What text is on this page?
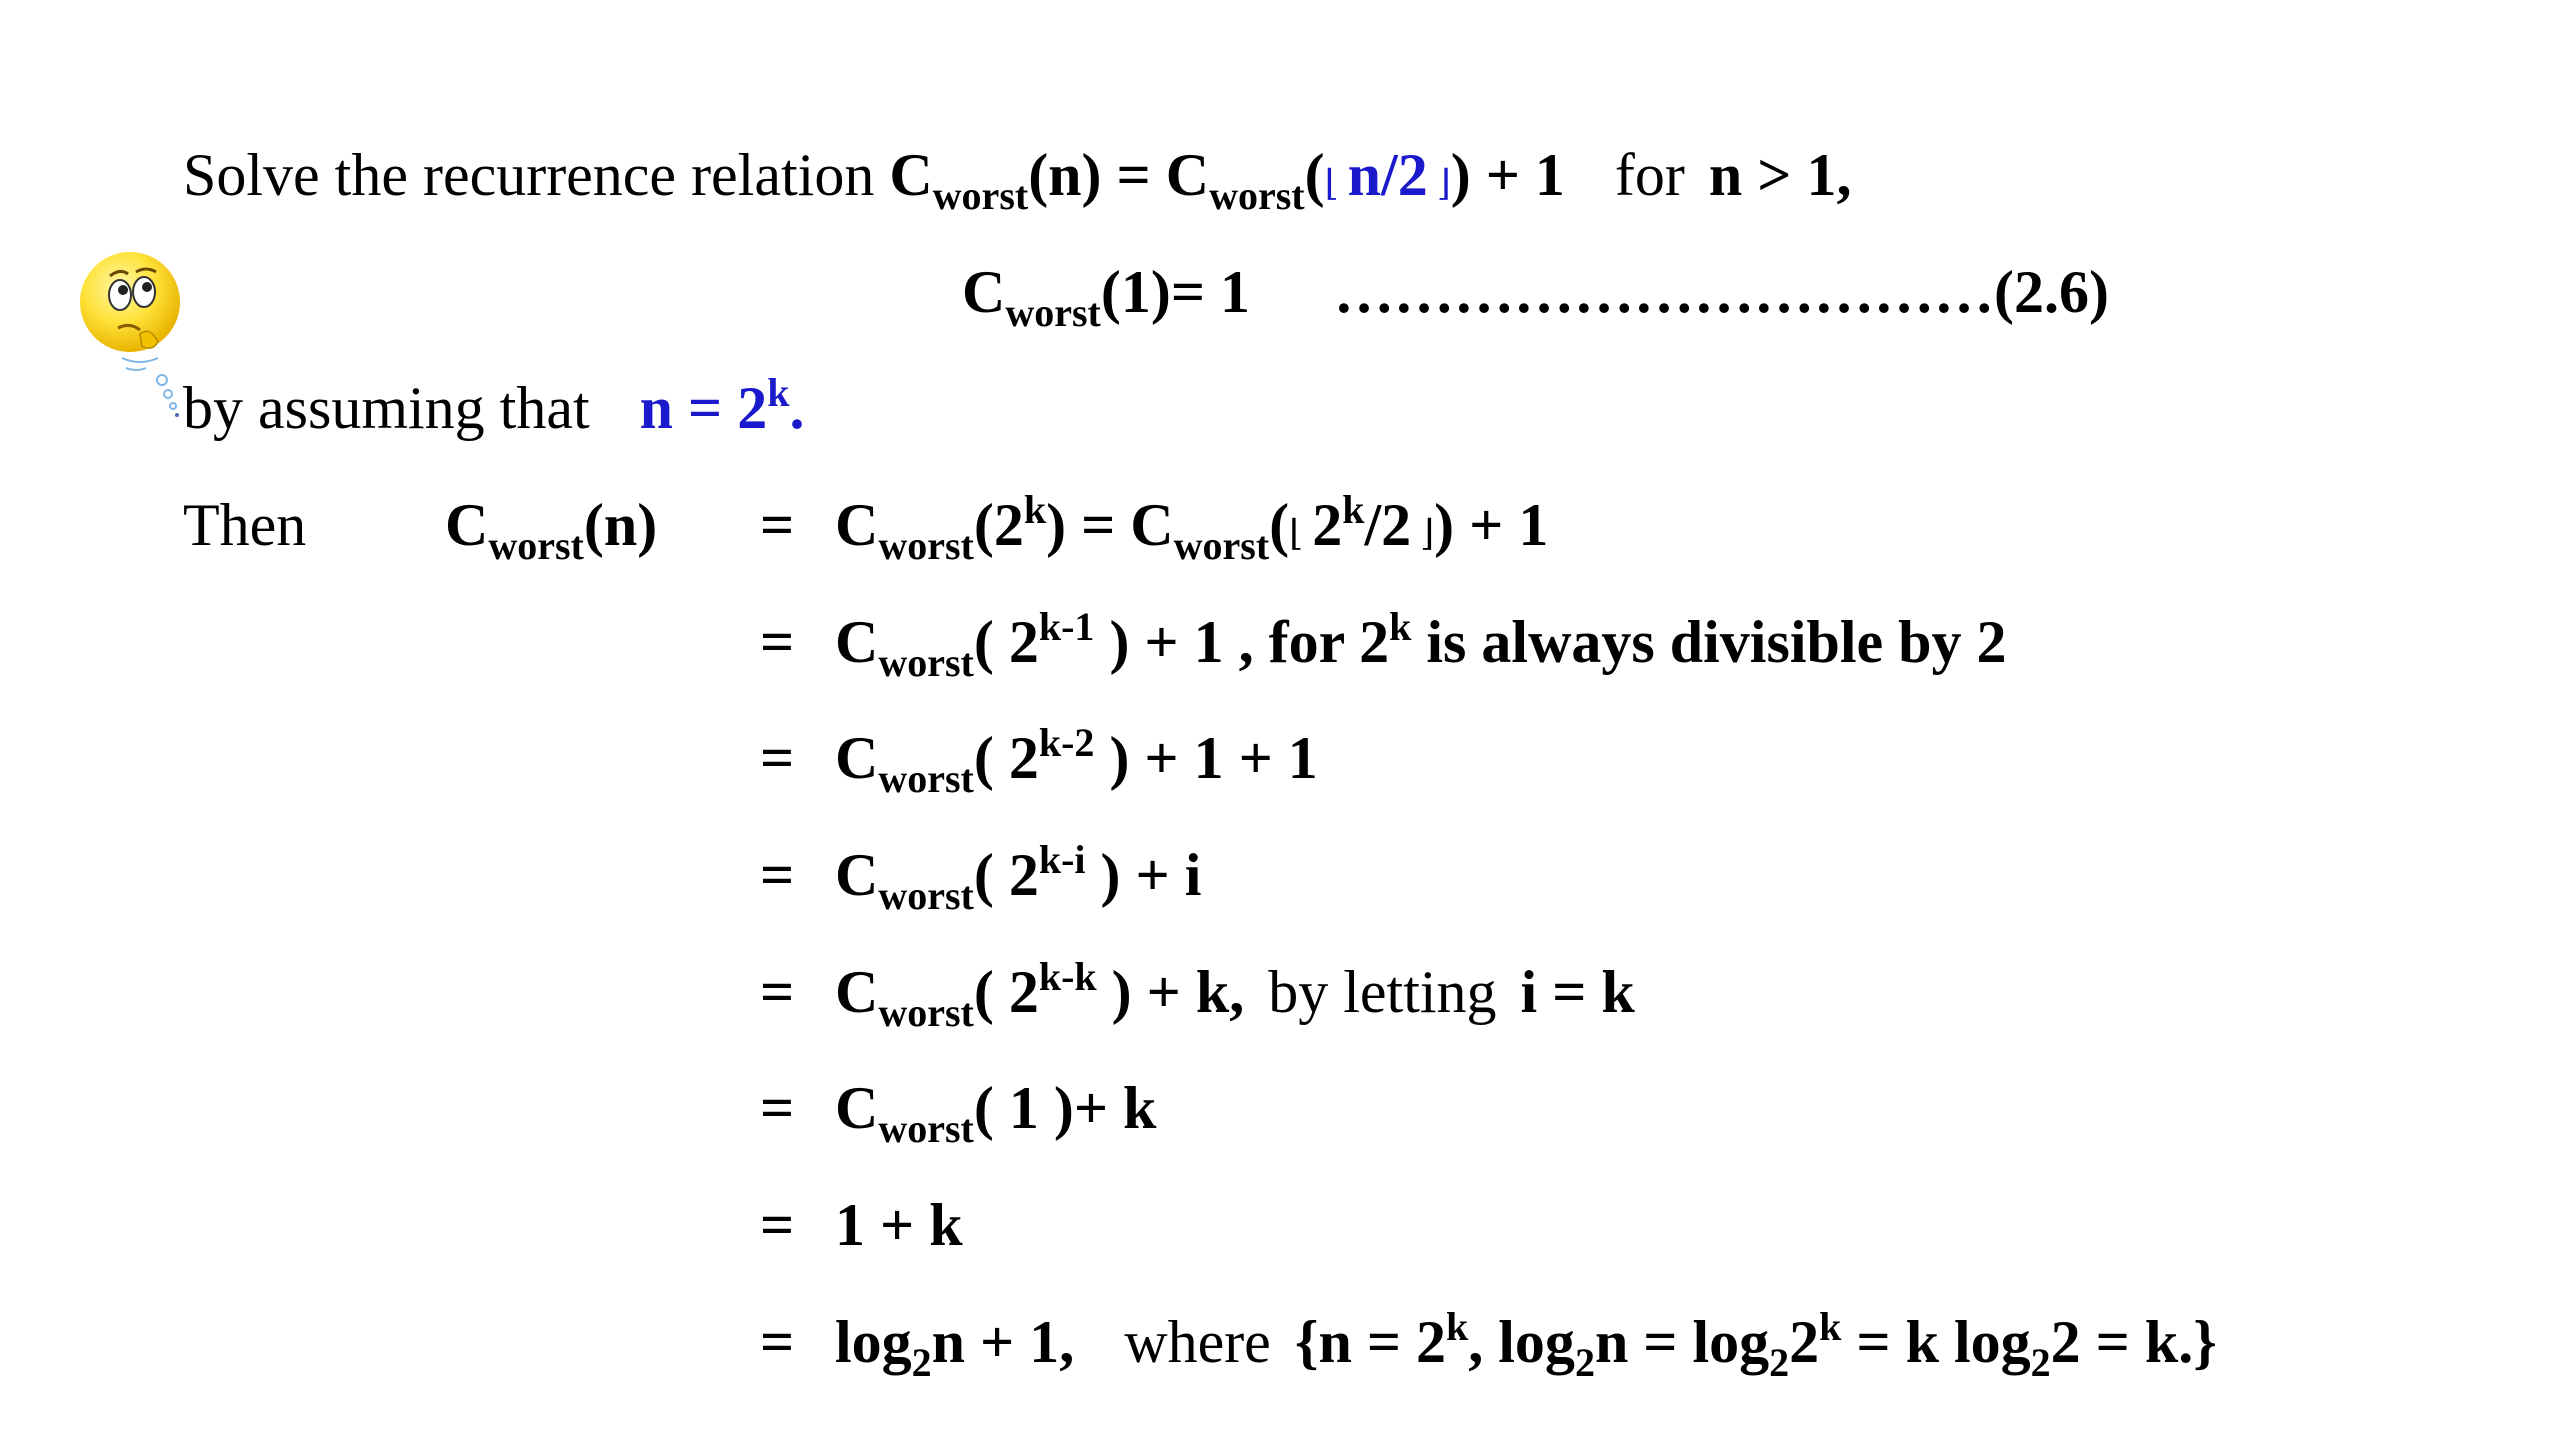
Solve the recurrence relation $C_{worst}(n)$ = $C_{worst}(⌊$ n/2 ⌋) + 1 for n > 1,
$C_{worst}(1)= 1$ ……………………………(2.6)
by assuming that $n = 2^k$.
Then $C_{worst}(n) = C_{worst}(2^k)$ = $C_{worst}(⌊$ 2$^k$/2 ⌋) + 1
= $C_{worst}$( 2$^{k-1}$ ) + 1 , for 2$^k$ is always divisible by 2
= $C_{worst}$( 2$^{k-2}$ ) + 1 + 1
= $C_{worst}$( 2$^{k-i}$ ) + i
= $C_{worst}$( 2$^{k-k}$ ) + k, by letting i = k
= $C_{worst}$( 1 )+ k
= 1 + k
= $\log_2n + 1$, where {$n = 2^k$, $\log_2n = \log_22^k = k$ $\log_22 = k$.}
